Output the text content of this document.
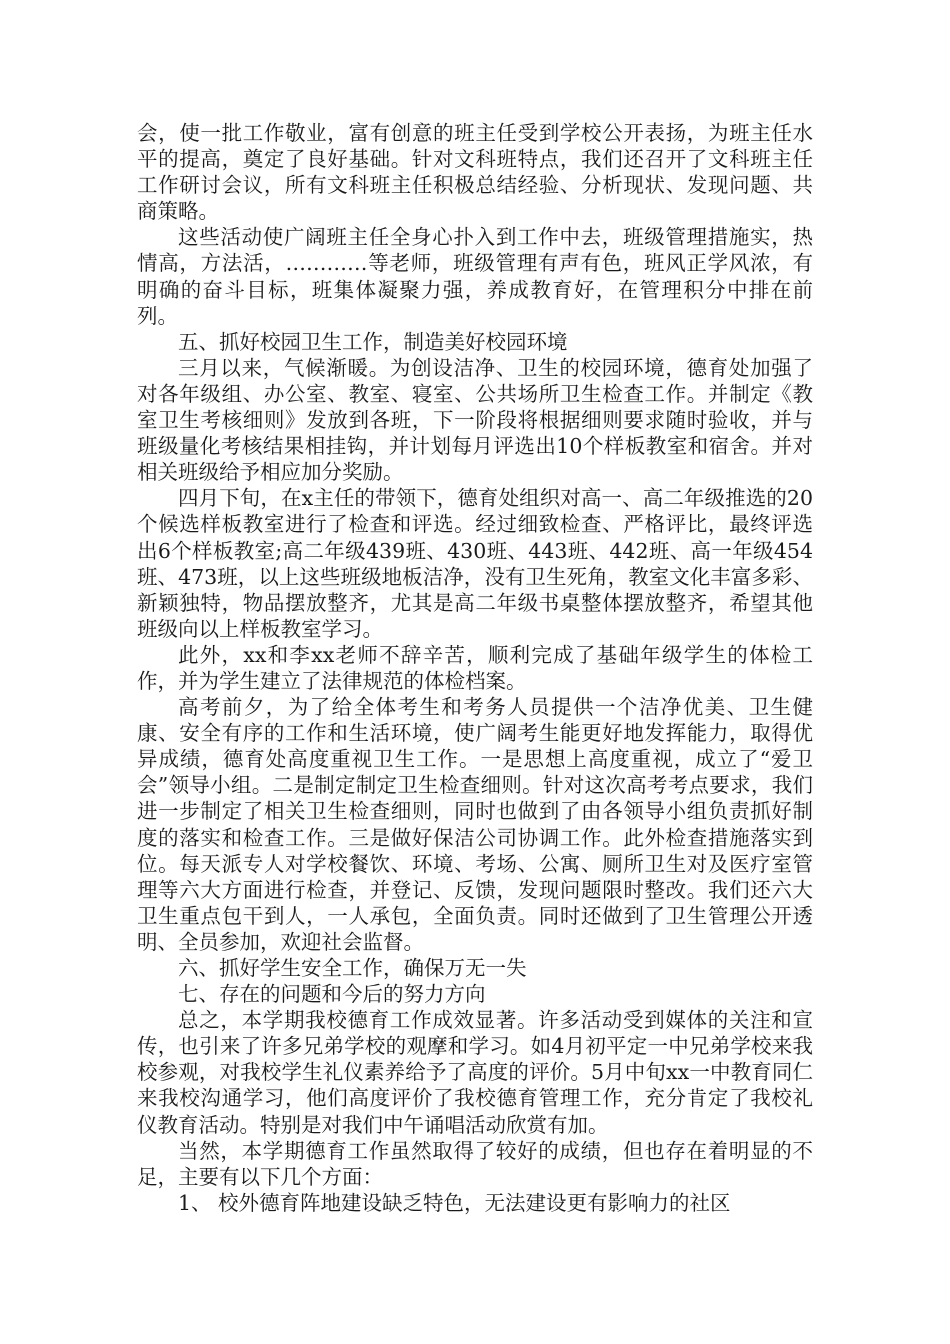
会，使一批工作敬业，富有创意的班主任受到学校公开表扬，为班主任水平的提高，奠定了良好基础。针对文科班特点，我们还召开了文科班主任工作研讨会议，所有文科班主任积极总结经验、分析现状、发现问题、共商策略。

这些活动使广阔班主任全身心扑入到工作中去，班级管理措施实，热情高，方法活，…………等老师，班级管理有声有色，班风正学风浓，有明确的奋斗目标，班集体凝聚力强，养成教育好，在管理积分中排在前列。

五、抓好校园卫生工作，制造美好校园环境

三月以来，气候渐暖。为创设洁净、卫生的校园环境，德育处加强了对各年级组、办公室、教室、寝室、公共场所卫生检查工作。并制定《教室卫生考核细则》发放到各班，下一阶段将根据细则要求随时验收，并与班级量化考核结果相挂钩，并计划每月评选出10个样板教室和宿舍。并对相关班级给予相应加分奖励。

四月下旬，在x主任的带领下，德育处组织对高一、高二年级推选的20个候选样板教室进行了检查和评选。经过细致检查、严格评比，最终评选出6个样板教室;高二年级439班、430班、443班、442班、高一年级454班、473班，以上这些班级地板洁净，没有卫生死角，教室文化丰富多彩、新颖独特，物品摆放整齐，尤其是高二年级书桌整体摆放整齐，希望其他班级向以上样板教室学习。

此外，xx和李xx老师不辞辛苦，顺利完成了基础年级学生的体检工作，并为学生建立了法律规范的体检档案。

高考前夕，为了给全体考生和考务人员提供一个洁净优美、卫生健康、安全有序的工作和生活环境，使广阔考生能更好地发挥能力，取得优异成绩，德育处高度重视卫生工作。一是思想上高度重视，成立了“爱卫会”领导小组。二是制定制定卫生检查细则。针对这次高考考点要求，我们进一步制定了相关卫生检查细则，同时也做到了由各领导小组负责抓好制度的落实和检查工作。三是做好保洁公司协调工作。此外检查措施落实到位。每天派专人对学校餐饮、环境、考场、公寓、厕所卫生对及医疗室管理等六大方面进行检查，并登记、反馈，发现问题限时整改。我们还六大卫生重点包干到人，一人承包，全面负责。同时还做到了卫生管理公开透明、全员参加，欢迎社会监督。

六、抓好学生安全工作，确保万无一失

七、存在的问题和今后的努力方向

总之，本学期我校德育工作成效显著。许多活动受到媒体的关注和宣传，也引来了许多兄弟学校的观摩和学习。如4月初平定一中兄弟学校来我校参观，对我校学生礼仪素养给予了高度的评价。5月中旬xx一中教育同仁来我校沟通学习，他们高度评价了我校德育管理工作，充分肯定了我校礼仪教育活动。特别是对我们中午诵唱活动欣赏有加。

当然，本学期德育工作虽然取得了较好的成绩，但也存在着明显的不足，主要有以下几个方面：

1、 校外德育阵地建设缺乏特色，无法建设更有影响力的社区
